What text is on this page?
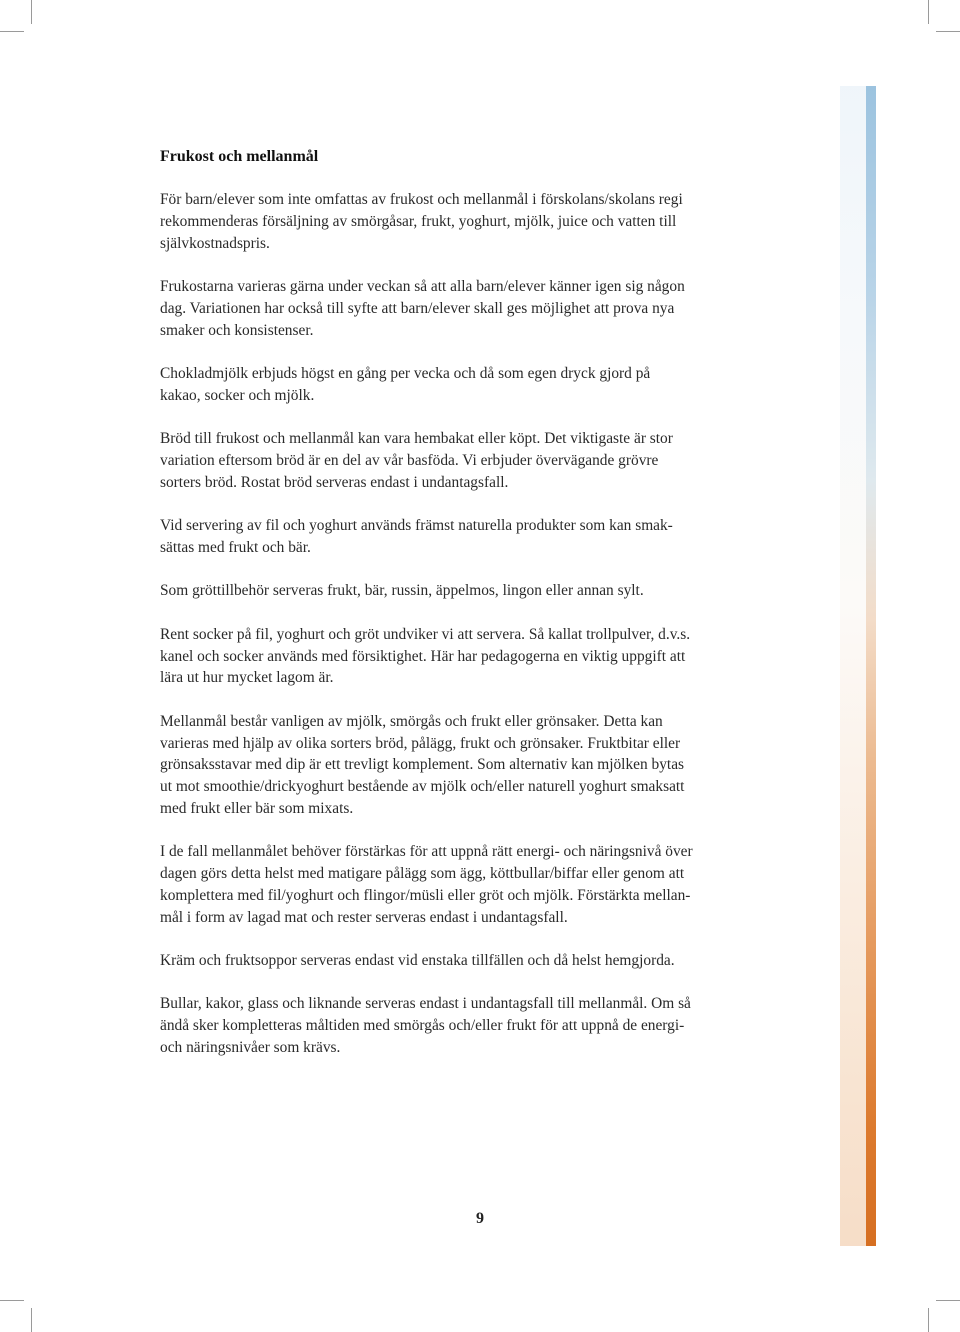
Frukost och mellanmål

För barn/elever som inte omfattas av frukost och mellanmål i förskolans/skolans regi
rekommenderas försäljning av smörgåsar, frukt, yoghurt, mjölk, juice och vatten till
självkostnadspris.

Frukostarna varieras gärna under veckan så att alla barn/elever känner igen sig någon
dag. Variationen har också till syfte att barn/elever skall ges möjlighet att prova nya
smaker och konsistenser.

Chokladmjölk erbjuds högst en gång per vecka och då som egen dryck gjord på
kakao, socker och mjölk.

Bröd till frukost och mellanmål kan vara hembakat eller köpt. Det viktigaste är stor
variation eftersom bröd är en del av vår basföda. Vi erbjuder övervägande grövre
sorters bröd. Rostat bröd serveras endast i undantagsfall.

Vid servering av fil och yoghurt används främst naturella produkter som kan smak-
sättas med frukt och bär.

Som gröttillbehör serveras frukt, bär, russin, äppelmos, lingon eller annan sylt.

Rent socker på fil, yoghurt och gröt undviker vi att servera. Så kallat trollpulver, d.v.s.
kanel och socker används med försiktighet. Här har pedagogerna en viktig uppgift att
lära ut hur mycket lagom är.

Mellanmål består vanligen av mjölk, smörgås och frukt eller grönsaker. Detta kan
varieras med hjälp av olika sorters bröd, pålägg, frukt och grönsaker. Fruktbitar eller
grönsaksstavar med dip är ett trevligt komplement. Som alternativ kan mjölken bytas
ut mot smoothie/drickyoghurt bestående av mjölk och/eller naturell yoghurt smaksatt
med frukt eller bär som mixats.

I de fall mellanmålet behöver förstärkas för att uppnå rätt energi- och näringsnivå över
dagen görs detta helst med matigare pålägg som ägg, köttbullar/biffar eller genom att
komplettera med fil/yoghurt och flingor/müsli eller gröt och mjölk. Förstärkta mellan-
mål i form av lagad mat och rester serveras endast i undantagsfall.

Kräm och fruktsoppor serveras endast vid enstaka tillfällen och då helst hemgjorda.

Bullar, kakor, glass och liknande serveras endast i undantagsfall till mellanmål. Om så
ändå sker kompletteras måltiden med smörgås och/eller frukt för att uppnå de energi-
och näringsnivåer som krävs.

9
